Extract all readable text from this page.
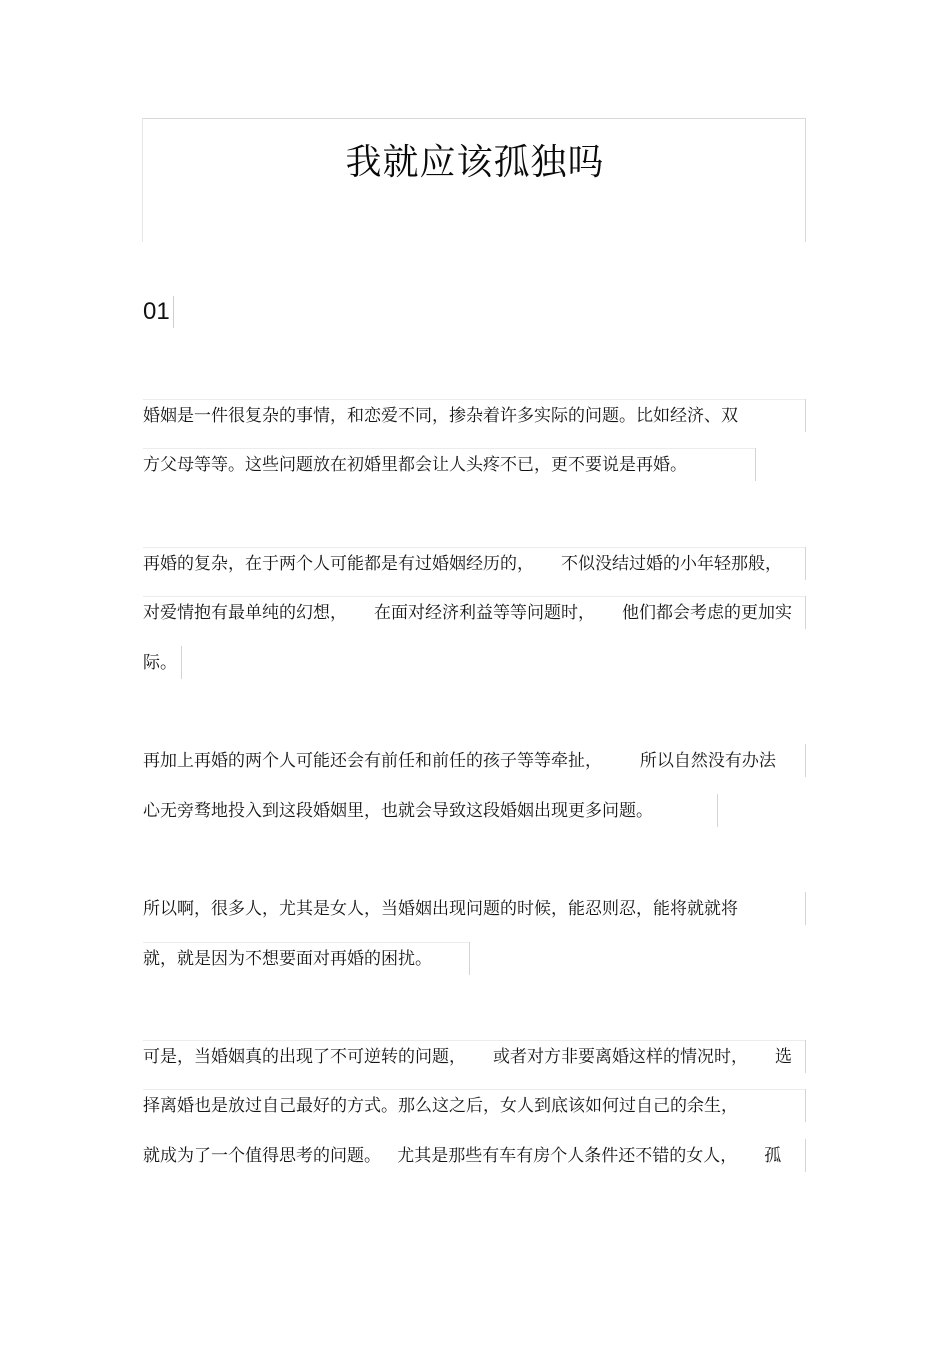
我就应该孤独吗
01
婚姻是一件很复杂的事情，和恋爱不同，掺杂着许多实际的问题。比如经济、双
方父母等等。这些问题放在初婚里都会让人头疼不已，更不要说是再婚。
再婚的复杂，在于两个人可能都是有过婚姻经历的，     不似没结过婚的小年轻那般，
对爱情抱有最单纯的幻想，     在面对经济利益等等问题时，     他们都会考虑的更加实
际。
再加上再婚的两个人可能还会有前任和前任的孩子等等牵扯，       所以自然没有办法
心无旁骛地投入到这段婚姻里，也就会导致这段婚姻出现更多问题。
所以啊，很多人，尤其是女人，当婚姻出现问题的时候，能忍则忍，能将就就将
就，就是因为不想要面对再婚的困扰。
可是，当婚姻真的出现了不可逆转的问题，     或者对方非要离婚这样的情况时，     选
择离婚也是放过自己最好的方式。那么这之后，女人到底该如何过自己的余生，
就成为了一个值得思考的问题。   尤其是那些有车有房个人条件还不错的女人，     孤
